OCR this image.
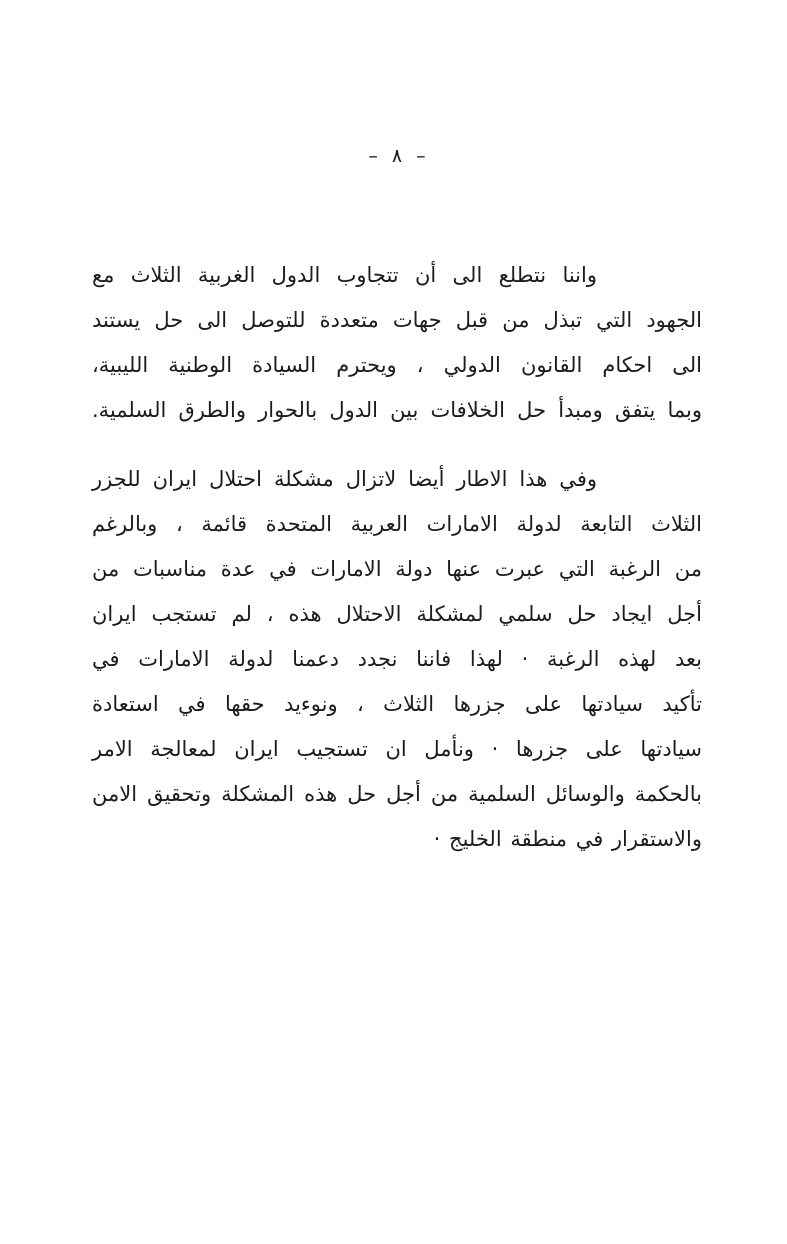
– ٨ –
واننا نتطلع الى أن تتجاوب الدول الغربية الثلاث مع
الجهود التي تبذل من قبل جهات متعددة للتوصل الى حل يستند
الى احكام القانون الدولي ، ويحترم السيادة الوطنية الليبية،
وبما يتفق ومبدأ حل الخلافات بين الدول بالحوار والطرق السلمية.
وفي هذا الاطار أيضا لاتزال مشكلة احتلال ايران للجزر
الثلاث التابعة لدولة الامارات العربية المتحدة قائمة ، وبالرغم
من الرغبة التي عبرت عنها دولة الامارات في عدة مناسبات من
أجل ايجاد حل سلمي لمشكلة الاحتلال هذه ، لم تستجب ايران
بعد لهذه الرغبة · لهذا فاننا نجدد دعمنا لدولة الامارات في
تأكيد سيادتها على جزرها الثلاث ، ونوءيد حقها في استعادة
سيادتها على جزرها · ونأمل ان تستجيب ايران لمعالجة الامر
بالحكمة والوسائل السلمية من أجل حل هذه المشكلة وتحقيق الامن
والاستقرار في منطقة الخليج ·
